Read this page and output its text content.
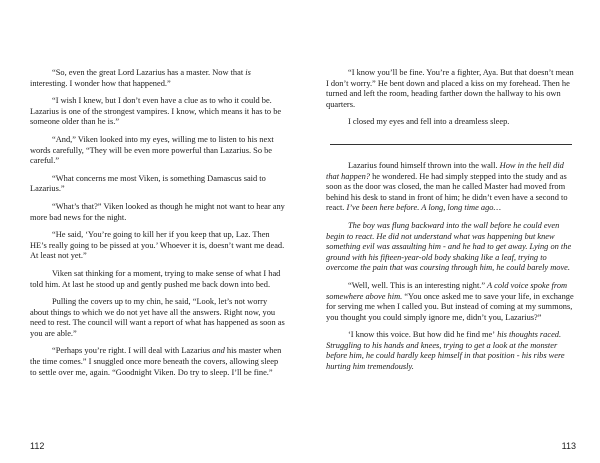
“So, even the great Lord Lazarius has a master. Now that is interesting. I wonder how that happened.”

“I wish I knew, but I don’t even have a clue as to who it could be. Lazarius is one of the strongest vampires. I know, which means it has to be someone older than he is.”

“And,” Viken looked into my eyes, willing me to listen to his next words carefully, “They will be even more powerful than Lazarius. So be careful.”

“What concerns me most Viken, is something Damascus said to Lazarius.”

“What’s that?” Viken looked as though he might not want to hear any more bad news for the night.

“He said, ‘You’re going to kill her if you keep that up, Laz. Then HE’s really going to be pissed at you.’ Whoever it is, doesn’t want me dead. At least not yet.”

Viken sat thinking for a moment, trying to make sense of what I had told him. At last he stood up and gently pushed me back down into bed.

Pulling the covers up to my chin, he said, “Look, let’s not worry about things to which we do not yet have all the answers. Right now, you need to rest. The council will want a report of what has happened as soon as you are able.”

“Perhaps you’re right. I will deal with Lazarius and his master when the time comes.” I snuggled once more beneath the covers, allowing sleep to settle over me, again. “Goodnight Viken. Do try to sleep. I’ll be fine.”

112

“I know you’ll be fine. You’re a fighter, Aya. But that doesn’t mean I don’t worry.” He bent down and placed a kiss on my forehead. Then he turned and left the room, heading farther down the hallway to his own quarters.

I closed my eyes and fell into a dreamless sleep.

Lazarius found himself thrown into the wall. How in the hell did that happen? he wondered. He had simply stepped into the study and as soon as the door was closed, the man he called Master had moved from behind his desk to stand in front of him; he didn’t even have a second to react. I’ve been here before. A long, long time ago…

The boy was flung backward into the wall before he could even begin to react. He did not understand what was happening but knew something evil was assaulting him - and he had to get away. Lying on the ground with his fifteen-year-old body shaking like a leaf, trying to overcome the pain that was coursing through him, he could barely move.

“Well, well. This is an interesting night.” A cold voice spoke from somewhere above him. “You once asked me to save your life, in exchange for serving me when I called you. But instead of coming at my summons, you thought you could simply ignore me, didn’t you, Lazarius?”

‘I know this voice. But how did he find me’ his thoughts raced. Struggling to his hands and knees, trying to get a look at the monster before him, he could hardly keep himself in that position - his ribs were hurting him tremendously.

113
